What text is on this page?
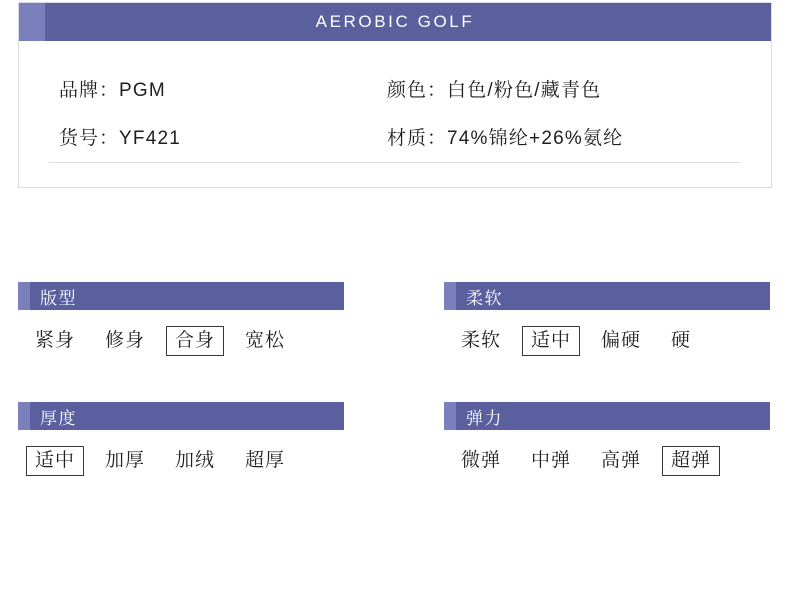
AEROBIC GOLF
品牌： PGM
货号： YF421
颜色： 白色/粉色/藏青色
材质： 74%锦纶+26%氨纶
版型
紧身	修身	合身	宽松
柔软
柔软	适中	偏硬	硬
厚度
适中	加厚	加绒	超厚
弹力
微弹	中弹	高弹	超弹
